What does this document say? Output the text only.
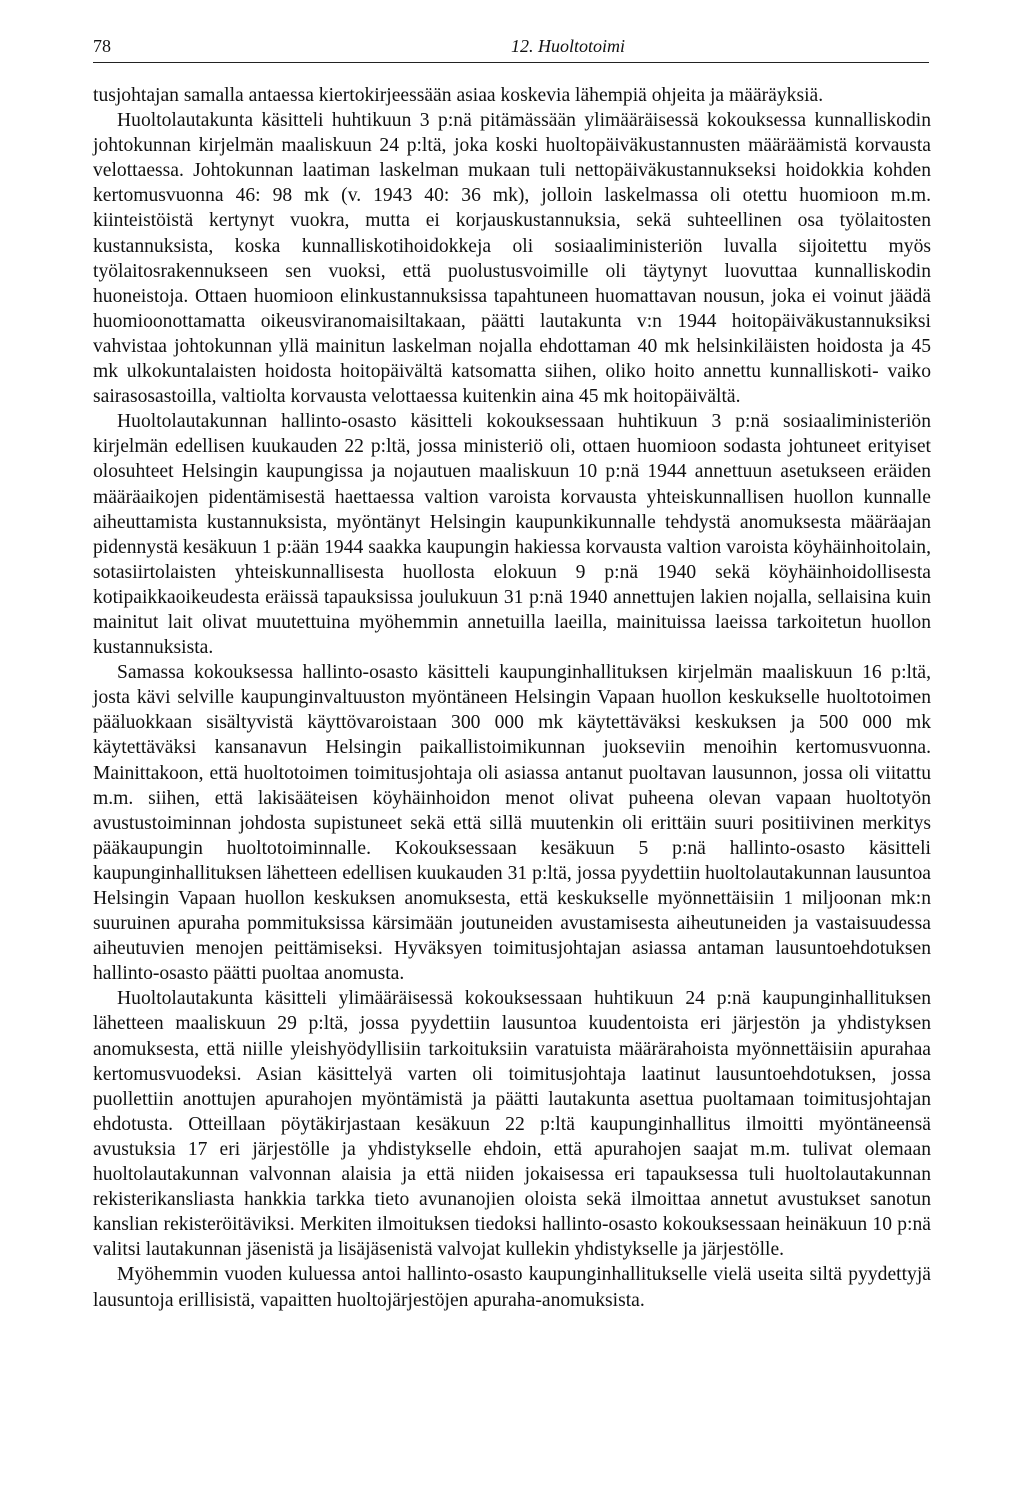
78	12. Huoltotoimi

tusjohtajan samalla antaessa kiertokirjeessään asiaa koskevia lähempiä ohjeita ja määräyksiä.

Huoltolautakunta käsitteli huhtikuun 3 p:nä pitämässään ylimääräisessä kokouksessa kunnalliskodin johtokunnan kirjelmän maaliskuun 24 p:ltä, joka koski huoltopäiväkustannusten määräämistä korvausta velottaessa. Johtokunnan laatiman laskelman mukaan tuli nettopäiväkustannukseksi hoidokkia kohden kertomusvuonna 46: 98 mk (v. 1943 40: 36 mk), jolloin laskelmassa oli otettu huomioon m.m. kiinteistöistä kertynyt vuokra, mutta ei korjauskustannuksia, sekä suhteellinen osa työlaitosten kustannuksista, koska kunnalliskotihoidokkeja oli sosiaaliministeriön luvalla sijoitettu myös työlaitosrakennukseen sen vuoksi, että puolustusvoimille oli täytynyt luovuttaa kunnalliskodin huoneistoja. Ottaen huomioon elinkustannuksissa tapahtuneen huomattavan nousun, joka ei voinut jäädä huomioonottamatta oikeusviranomaisiltakaan, päätti lautakunta v:n 1944 hoitopäiväkustannuksiksi vahvistaa johtokunnan yllä mainitun laskelman nojalla ehdottaman 40 mk helsinkiläisten hoidosta ja 45 mk ulkokuntalaisten hoidosta hoitopäivältä katsomatta siihen, oliko hoito annettu kunnalliskoti- vaiko sairasosastoilla, valtiolta korvausta velottaessa kuitenkin aina 45 mk hoitopäivältä.

Huoltolautakunnan hallinto-osasto käsitteli kokouksessaan huhtikuun 3 p:nä sosiaaliministeriön kirjelmän edellisen kuukauden 22 p:ltä, jossa ministeriö oli, ottaen huomioon sodasta johtuneet erityiset olosuhteet Helsingin kaupungissa ja nojautuen maaliskuun 10 p:nä 1944 annettuun asetukseen eräiden määräaikojen pidentämisestä haettaessa valtion varoista korvausta yhteiskunnallisen huollon kunnalle aiheuttamista kustannuksista, myöntänyt Helsingin kaupunkikunnalle tehdystä anomuksesta määräajan pidennystä kesäkuun 1 p:ään 1944 saakka kaupungin hakiessa korvausta valtion varoista köyhäinhoitolain, sotasiirtolaisten yhteiskunnallisesta huollosta elokuun 9 p:nä 1940 sekä köyhäinhoidollisesta kotipaikkaoikeudesta eräissä tapauksissa joulukuun 31 p:nä 1940 annettujen lakien nojalla, sellaisina kuin mainitut lait olivat muutettuina myöhemmin annetuilla laeilla, mainituissa laeissa tarkoitetun huollon kustannuksista.

Samassa kokouksessa hallinto-osasto käsitteli kaupunginhallituksen kirjelmän maaliskuun 16 p:ltä, josta kävi selville kaupunginvaltuuston myöntäneen Helsingin Vapaan huollon keskukselle huoltotoimen pääluokkaan sisältyvistä käyttövaroistaan 300 000 mk käytettäväksi keskuksen ja 500 000 mk käytettäväksi kansanavun Helsingin paikallistoimikunnan juokseviin menoihin kertomusvuonna. Mainittakoon, että huoltotoimen toimitusjohtaja oli asiassa antanut puoltavan lausunnon, jossa oli viitattu m.m. siihen, että lakisääteisen köyhäinhoidon menot olivat puheena olevan vapaan huoltotyön avustustoiminnan johdosta supistuneet sekä että sillä muutenkin oli erittäin suuri positiivinen merkitys pääkaupungin huoltotoiminnalle. Kokouksessaan kesäkuun 5 p:nä hallinto-osasto käsitteli kaupunginhallituksen lähetteen edellisen kuukauden 31 p:ltä, jossa pyydettiin huoltolautakunnan lausuntoa Helsingin Vapaan huollon keskuksen anomuksesta, että keskukselle myönnettäisiin 1 miljoonan mk:n suuruinen apuraha pommituksissa kärsimään joutuneiden avustamisesta aiheutuneiden ja vastaisuudessa aiheutuvien menojen peittämiseksi. Hyväksyen toimitusjohtajan asiassa antaman lausuntoehdotuksen hallinto-osasto päätti puoltaa anomusta.

Huoltolautakunta käsitteli ylimääräisessä kokouksessaan huhtikuun 24 p:nä kaupunginhallituksen lähetteen maaliskuun 29 p:ltä, jossa pyydettiin lausuntoa kuudentoista eri järjestön ja yhdistyksen anomuksesta, että niille yleishyödyllisiin tarkoituksiin varatuista määrärahoista myönnettäisiin apurahaa kertomusvuodeksi. Asian käsittelyä varten oli toimitusjohtaja laatinut lausuntoehdotuksen, jossa puollettiin anottujen apurahojen myöntämistä ja päätti lautakunta asettua puoltamaan toimitusjohtajan ehdotusta. Otteillaan pöytäkirjastaan kesäkuun 22 p:ltä kaupunginhallitus ilmoitti myöntäneensä avustuksia 17 eri järjestölle ja yhdistykselle ehdoin, että apurahojen saajat m.m. tulivat olemaan huoltolautakunnan valvonnan alaisia ja että niiden jokaisessa eri tapauksessa tuli huoltolautakunnan rekisterikansliasta hankkia tarkka tieto avunanojien oloista sekä ilmoittaa annetut avustukset sanotun kanslian rekisteröitäviksi. Merkiten ilmoituksen tiedoksi hallinto-osasto kokouksessaan heinäkuun 10 p:nä valitsi lautakunnan jäsenistä ja lisäjäsenistä valvojat kullekin yhdistykselle ja järjestölle.

Myöhemmin vuoden kuluessa antoi hallinto-osasto kaupunginhallitukselle vielä useita siltä pyydettyjä lausuntoja erillisistä, vapaitten huoltojärjestöjen apuraha-anomuksista.
